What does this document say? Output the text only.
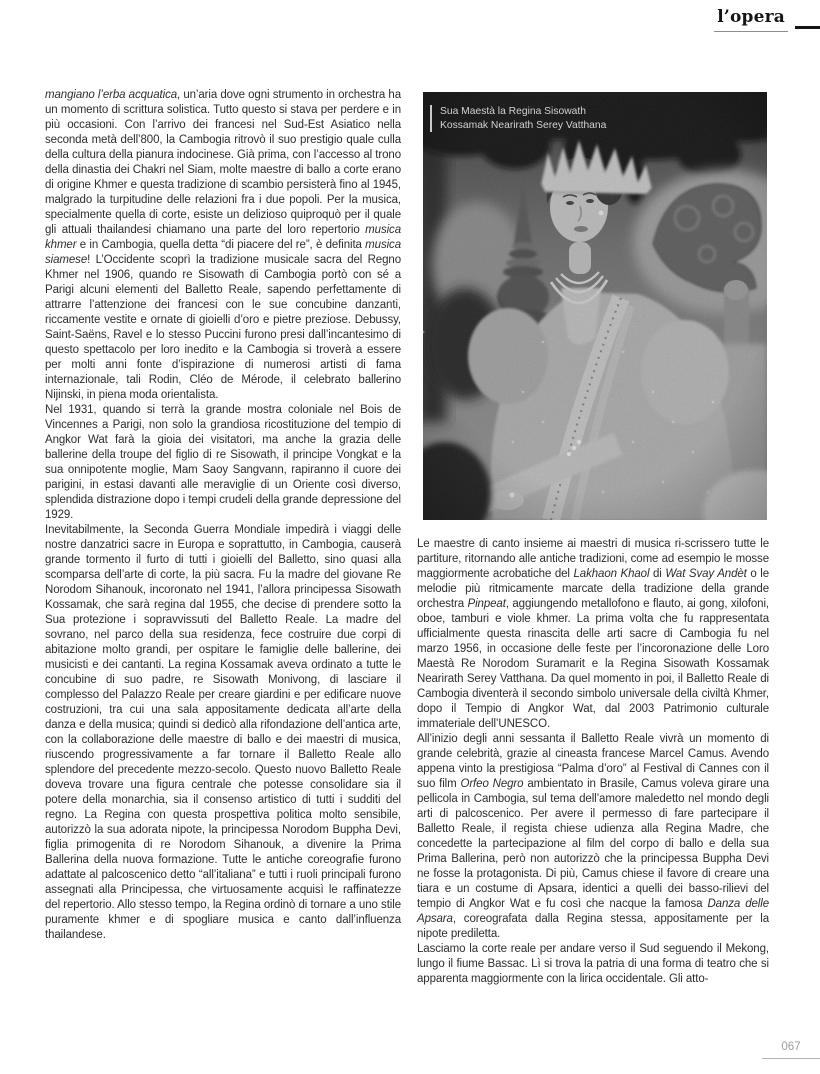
l’opera

mangiano l’erba acquatica, un’aria dove ogni strumento in orchestra ha un momento di scrittura solistica. Tutto questo si stava per perdere e in più occasioni. Con l’arrivo dei francesi nel Sud-Est Asiatico nella seconda metà dell’800, la Cambogia ritrovò il suo prestigio quale culla della cultura della pianura indocinese. Già prima, con l’accesso al trono della dinastia dei Chakri nel Siam, molte maestre di ballo a corte erano di origine Khmer e questa tradizione di scambio persisterà fino al 1945, malgrado la turpitudine delle relazioni fra i due popoli. Per la musica, specialmente quella di corte, esiste un delizioso quiproquò per il quale gli attuali thailandesi chiamano una parte del loro repertorio musica khmer e in Cambogia, quella detta “di piacere del re”, è definita musica siamese! L’Occidente scoprì la tradizione musicale sacra del Regno Khmer nel 1906, quando re Sisowath di Cambogia portò con sé a Parigi alcuni elementi del Balletto Reale, sapendo perfettamente di attrarre l’attenzione dei francesi con le sue concubine danzanti, riccamente vestite e ornate di gioielli d’oro e pietre preziose. Debussy, Saint-Saëns, Ravel e lo stesso Puccini furono presi dall’incantesimo di questo spettacolo per loro inedito e la Cambogia si troverà a essere per molti anni fonte d’ispirazione di numerosi artisti di fama internazionale, tali Rodin, Cléo de Mérode, il celebrato ballerino Nijinski, in piena moda orientalista.

Nel 1931, quando si terrà la grande mostra coloniale nel Bois de Vincennes a Parigi, non solo la grandiosa ricostituzione del tempio di Angkor Wat farà la gioia dei visitatori, ma anche la grazia delle ballerine della troupe del figlio di re Sisowath, il principe Vongkat e la sua onnipotente moglie, Mam Saoy Sangvann, rapiranno il cuore dei parigini, in estasi davanti alle meraviglie di un Oriente così diverso, splendida distrazione dopo i tempi crudeli della grande depressione del 1929.

Inevitabilmente, la Seconda Guerra Mondiale impedirà i viaggi delle nostre danzatrici sacre in Europa e soprattutto, in Cambogia, causerà grande tormento il furto di tutti i gioielli del Balletto, sino quasi alla scomparsa dell’arte di corte, la più sacra. Fu la madre del giovane Re Norodom Sihanouk, incoronato nel 1941, l’allora principessa Sisowath Kossamak, che sarà regina dal 1955, che decise di prendere sotto la Sua protezione i sopravvissuti del Balletto Reale. La madre del sovrano, nel parco della sua residenza, fece costruire due corpi di abitazione molto grandi, per ospitare le famiglie delle ballerine, dei musicisti e dei cantanti. La regina Kossamak aveva ordinato a tutte le concubine di suo padre, re Sisowath Monivong, di lasciare il complesso del Palazzo Reale per creare giardini e per edificare nuove costruzioni, tra cui una sala appositamente dedicata all’arte della danza e della musica; quindi si dedicò alla rifondazione dell’antica arte, con la collaborazione delle maestre di ballo e dei maestri di musica, riuscendo progressivamente a far tornare il Balletto Reale allo splendore del precedente mezzo-secolo. Questo nuovo Balletto Reale doveva trovare una figura centrale che potesse consolidare sia il potere della monarchia, sia il consenso artistico di tutti i sudditi del regno. La Regina con questa prospettiva politica molto sensibile, autorizzò la sua adorata nipote, la principessa Norodom Buppha Devi, figlia primogenita di re Norodom Sihanouk, a divenire la Prima Ballerina della nuova formazione. Tutte le antiche coreografie furono adattate al palcoscenico detto “all’italiana” e tutti i ruoli principali furono assegnati alla Principessa, che virtuosamente acquisì le raffinatezze del repertorio. Allo stesso tempo, la Regina ordinò di tornare a uno stile puramente khmer e di spogliare musica e canto dall’influenza thailandese.

Sua Maestà la Regina Sisowath
Kossamak Nearirath Serey Vatthana

Le maestre di canto insieme ai maestri di musica ri-scrissero tutte le partiture, ritornando alle antiche tradizioni, come ad esempio le mosse maggiormente acrobatiche del Lakhaon Khaol di Wat Svay Andèt o le melodie più ritmicamente marcate della tradizione della grande orchestra Pinpeat, aggiungendo metallofono e flauto, ai gong, xilofoni, oboe, tamburi e viole khmer. La prima volta che fu rappresentata ufficialmente questa rinascita delle arti sacre di Cambogia fu nel marzo 1956, in occasione delle feste per l’incoronazione delle Loro Maestà Re Norodom Suramarit e la Regina Sisowath Kossamak Nearirath Serey Vatthana. Da quel momento in poi, il Balletto Reale di Cambogia diventerà il secondo simbolo universale della civiltà Khmer, dopo il Tempio di Angkor Wat, dal 2003 Patrimonio culturale immateriale dell’UNESCO.

All’inizio degli anni sessanta il Balletto Reale vivrà un momento di grande celebrità, grazie al cineasta francese Marcel Camus. Avendo appena vinto la prestigiosa “Palma d’oro” al Festival di Cannes con il suo film Orfeo Negro ambientato in Brasile, Camus voleva girare una pellicola in Cambogia, sul tema dell’amore maledetto nel mondo degli arti di palcoscenico. Per avere il permesso di fare partecipare il Balletto Reale, il regista chiese udienza alla Regina Madre, che concedette la partecipazione al film del corpo di ballo e della sua Prima Ballerina, però non autorizzò che la principessa Buppha Devi ne fosse la protagonista. Di più, Camus chiese il favore di creare una tiara e un costume di Apsara, identici a quelli dei basso-rilievi del tempio di Angkor Wat e fu così che nacque la famosa Danza delle Apsara, coreografata dalla Regina stessa, appositamente per la nipote prediletta.

Lasciamo la corte reale per andare verso il Sud seguendo il Mekong, lungo il fiume Bassac. Lì si trova la patria di una forma di teatro che si apparenta maggiormente con la lirica occidentale. Gli atto-

067
